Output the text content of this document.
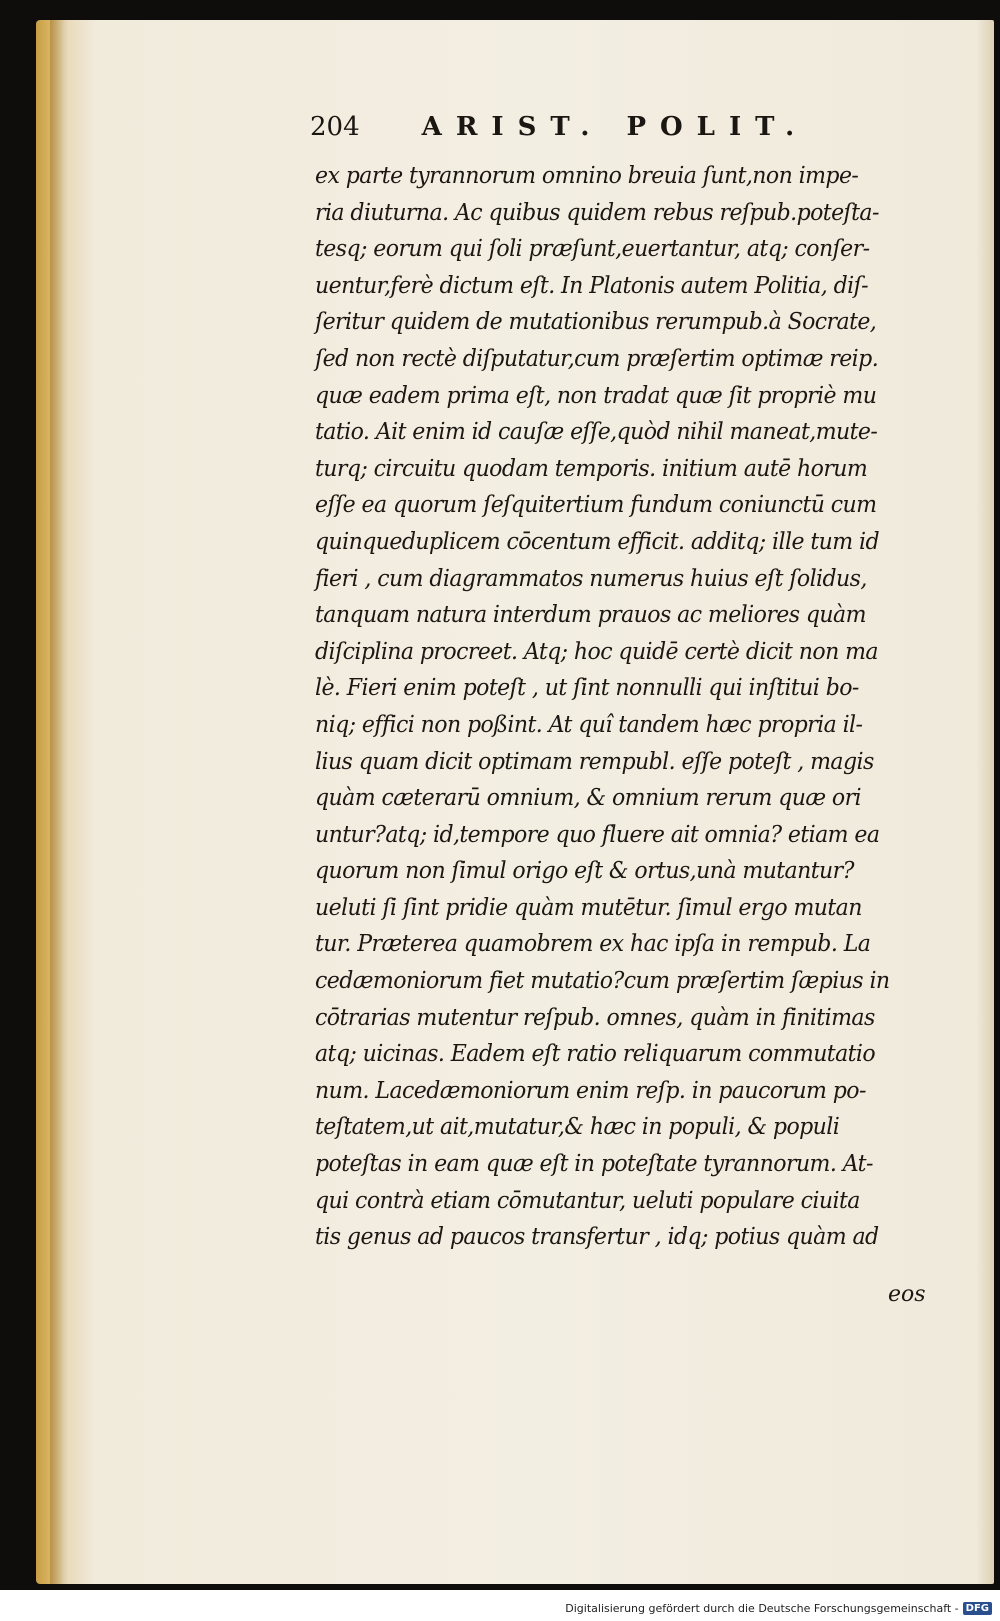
204 ARIST. POLIT.
ex parte tyrannorum omnino breuia ſunt,non impe-
ria diuturna. Ac quibus quidem rebus reſpub.poteſta-
tesq; eorum qui ſoli præſunt,euertantur, atq; conſer-
uentur,ferè dictum eſt. In Platonis autem Politia, diſ-
ſeritur quidem de mutationibus rerumpub.à Socrate,
ſed non rectè diſputatur,cum præſertim optimæ reip.
quæ eadem prima eſt, non tradat quæ ſit propriè mu
tatio. Ait enim id cauſæ eſſe,quòd nihil maneat,mute-
turq; circuitu quodam temporis. initium autē horum
eſſe ea quorum ſeſquitertium fundum coniunctū cum
quinqueduplicem cōcentum efficit. additq; ille tum id
fieri , cum diagrammatos numerus huius eſt ſolidus,
tanquam natura interdum prauos ac meliores quàm
diſciplina procreet. Atq; hoc quidē certè dicit non ma
lè. Fieri enim poteſt , ut ſint nonnulli qui inſtitui bo-
niq; effici non poßint. At quî tandem hæc propria il-
lius quam dicit optimam rempubl. eſſe poteſt , magis
quàm cæterarū omnium, & omnium rerum quæ ori
untur?atq; id,tempore quo fluere ait omnia? etiam ea
quorum non ſimul origo eſt & ortus,unà mutantur?
ueluti ſi ſint pridie quàm mutētur. ſimul ergo mutan
tur. Præterea quamobrem ex hac ipſa in rempub. La
cedæmoniorum fiet mutatio?cum præſertim ſæpius in
cōtrarias mutentur reſpub. omnes, quàm in finitimas
atq; uicinas. Eadem eſt ratio reliquarum commutatio
num. Lacedæmoniorum enim reſp. in paucorum po-
teſtatem,ut ait,mutatur,& hæc in populi, & populi
poteſtas in eam quæ eſt in poteſtate tyrannorum. At-
qui contrà etiam cōmutantur, ueluti populare ciuita
tis genus ad paucos transfertur , idq; potius quàm ad
eos
Digitalisierung gefördert durch die Deutsche Forschungsgemeinschaft - DFG
